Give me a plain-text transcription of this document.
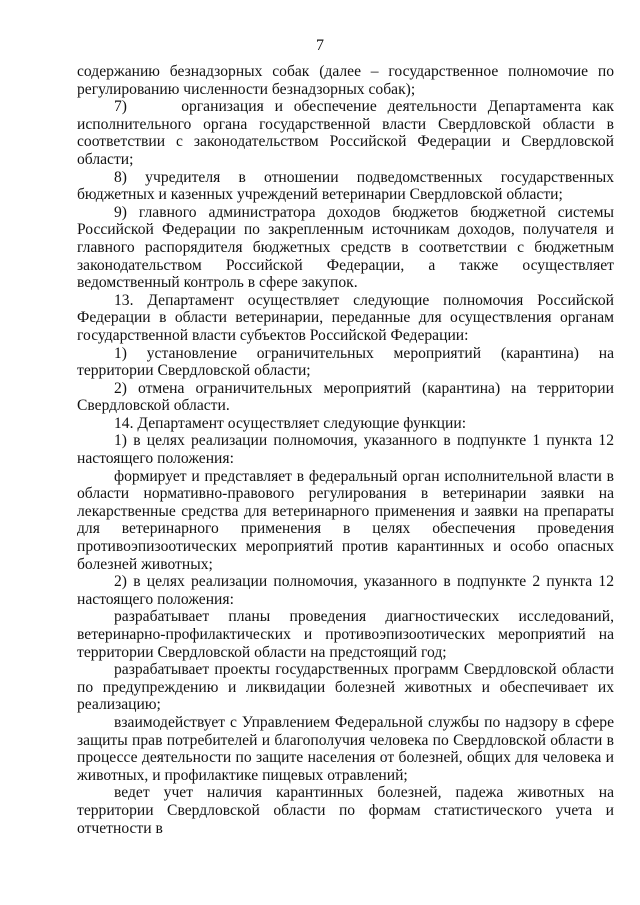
7

содержанию безнадзорных собак (далее – государственное полномочие по регулированию численности безнадзорных собак);

7)     организация и обеспечение деятельности Департамента как исполнительного органа государственной власти Свердловской области в соответствии с законодательством Российской Федерации и Свердловской области;

8) учредителя в отношении подведомственных государственных бюджетных и казенных учреждений ветеринарии Свердловской области;

9) главного администратора доходов бюджетов бюджетной системы Российской Федерации по закрепленным источникам доходов, получателя и главного распорядителя бюджетных средств в соответствии с бюджетным законодательством Российской Федерации, а также осуществляет ведомственный контроль в сфере закупок.

13. Департамент осуществляет следующие полномочия Российской Федерации в области ветеринарии, переданные для осуществления органам государственной власти субъектов Российской Федерации:

1) установление ограничительных мероприятий (карантина) на территории Свердловской области;

2) отмена ограничительных мероприятий (карантина) на территории Свердловской области.

14. Департамент осуществляет следующие функции:

1) в целях реализации полномочия, указанного в подпункте 1 пункта 12 настоящего положения:

формирует и представляет в федеральный орган исполнительной власти в области нормативно-правового регулирования в ветеринарии заявки на лекарственные средства для ветеринарного применения и заявки на препараты для ветеринарного применения в целях обеспечения проведения противоэпизоотических мероприятий против карантинных и особо опасных болезней животных;

2) в целях реализации полномочия, указанного в подпункте 2 пункта 12 настоящего положения:

разрабатывает планы проведения диагностических исследований, ветеринарно-профилактических и противоэпизоотических мероприятий на территории Свердловской области на предстоящий год;

разрабатывает проекты государственных программ Свердловской области по предупреждению и ликвидации болезней животных и обеспечивает их реализацию;

взаимодействует с Управлением Федеральной службы по надзору в сфере защиты прав потребителей и благополучия человека по Свердловской области в процессе деятельности по защите населения от болезней, общих для человека и животных, и профилактике пищевых отравлений;

ведет учет наличия карантинных болезней, падежа животных на территории Свердловской области по формам статистического учета и отчетности в
